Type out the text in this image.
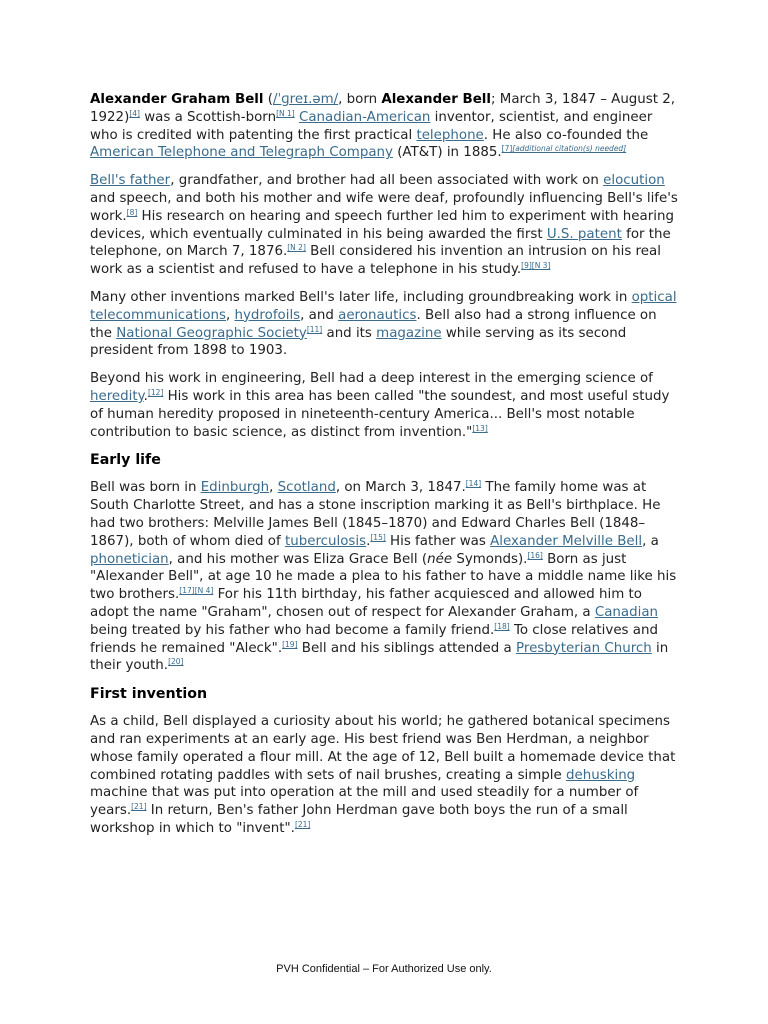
Alexander Graham Bell (/ˈɡreɪ.əm/, born Alexander Bell; March 3, 1847 – August 2, 1922)[4] was a Scottish-born[N 1] Canadian-American inventor, scientist, and engineer who is credited with patenting the first practical telephone. He also co-founded the American Telephone and Telegraph Company (AT&T) in 1885.[7][additional citation(s) needed]

Bell's father, grandfather, and brother had all been associated with work on elocution and speech, and both his mother and wife were deaf, profoundly influencing Bell's life's work.[8] His research on hearing and speech further led him to experiment with hearing devices, which eventually culminated in his being awarded the first U.S. patent for the telephone, on March 7, 1876.[N 2] Bell considered his invention an intrusion on his real work as a scientist and refused to have a telephone in his study.[9][N 3]

Many other inventions marked Bell's later life, including groundbreaking work in optical telecommunications, hydrofoils, and aeronautics. Bell also had a strong influence on the National Geographic Society[11] and its magazine while serving as its second president from 1898 to 1903.

Beyond his work in engineering, Bell had a deep interest in the emerging science of heredity.[12] His work in this area has been called "the soundest, and most useful study of human heredity proposed in nineteenth-century America... Bell's most notable contribution to basic science, as distinct from invention."[13]

Early life

Bell was born in Edinburgh, Scotland, on March 3, 1847.[14] The family home was at South Charlotte Street, and has a stone inscription marking it as Bell's birthplace. He had two brothers: Melville James Bell (1845–1870) and Edward Charles Bell (1848–1867), both of whom died of tuberculosis.[15] His father was Alexander Melville Bell, a phonetician, and his mother was Eliza Grace Bell (née Symonds).[16] Born as just "Alexander Bell", at age 10 he made a plea to his father to have a middle name like his two brothers.[17][N 4] For his 11th birthday, his father acquiesced and allowed him to adopt the name "Graham", chosen out of respect for Alexander Graham, a Canadian being treated by his father who had become a family friend.[18] To close relatives and friends he remained "Aleck".[19] Bell and his siblings attended a Presbyterian Church in their youth.[20]

First invention

As a child, Bell displayed a curiosity about his world; he gathered botanical specimens and ran experiments at an early age. His best friend was Ben Herdman, a neighbor whose family operated a flour mill. At the age of 12, Bell built a homemade device that combined rotating paddles with sets of nail brushes, creating a simple dehusking machine that was put into operation at the mill and used steadily for a number of years.[21] In return, Ben's father John Herdman gave both boys the run of a small workshop in which to "invent".[21]

PVH Confidential – For Authorized Use only.
